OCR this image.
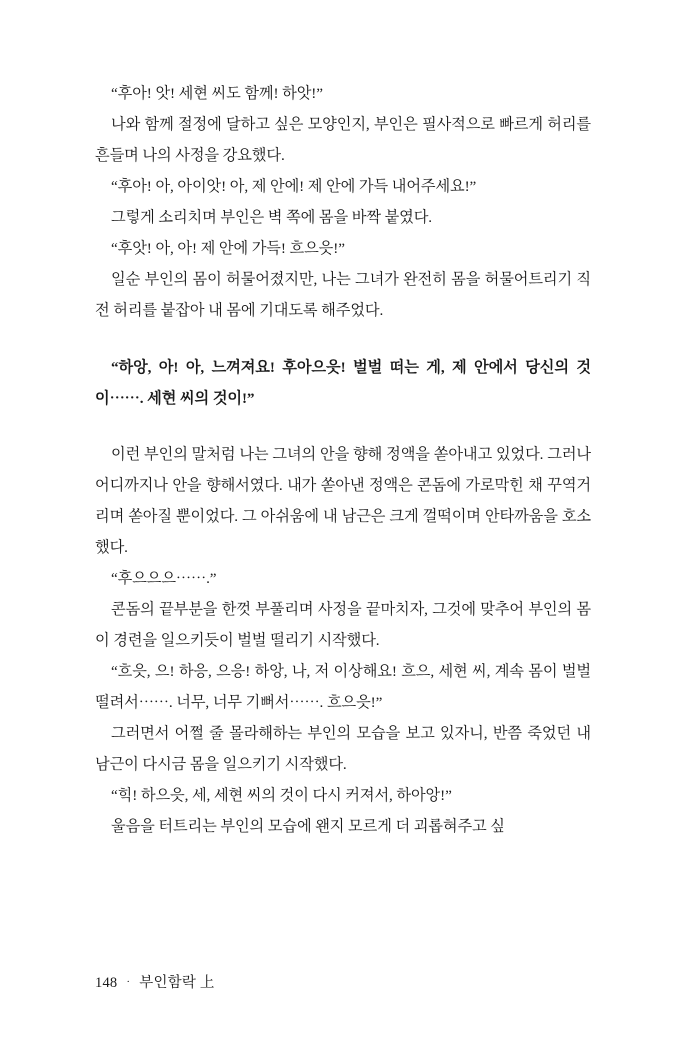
“후아! 앗! 세현 씨도 함께! 하앗!”

나와 함께 절정에 달하고 싶은 모양인지, 부인은 필사적으로 빠르게 허리를 흔들며 나의 사정을 강요했다.

“후아! 아, 아이앗! 아, 제 안에! 제 안에 가득 내어주세요!”

그렇게 소리치며 부인은 벽 쪽에 몸을 바짝 붙였다.

“후앗! 아, 아! 제 안에 가득! 흐으읏!”

일순 부인의 몸이 허물어졌지만, 나는 그녀가 완전히 몸을 허물어트리기 직전 허리를 붙잡아 내 몸에 기대도록 해주었다.

“하앙, 아! 아, 느껴져요! 후아으읏! 벌벌 떠는 게, 제 안에서 당신의 것이⋯⋯. 세현 씨의 것이!”

이런 부인의 말처럼 나는 그녀의 안을 향해 정액을 쏟아내고 있었다. 그러나 어디까지나 안을 향해서였다. 내가 쏟아낸 정액은 콘돔에 가로막힌 채 꾸역거리며 쏟아질 뿐이었다. 그 아쉬움에 내 남근은 크게 껄떡이며 안타까움을 호소했다.

“후으으으⋯⋯.”

콘돔의 끝부분을 한껏 부풀리며 사정을 끝마치자, 그것에 맞추어 부인의 몸이 경련을 일으키듯이 벌벌 떨리기 시작했다.

“흐읏, 으! 하응, 으응! 하앙, 나, 저 이상해요! 흐으, 세현 씨, 계속 몸이 벌벌 떨려서⋯⋯. 너무, 너무 기뻐서⋯⋯. 흐으읏!”

그러면서 어쩔 줄 몰라해하는 부인의 모습을 보고 있자니, 반쯤 죽었던 내 남근이 다시금 몸을 일으키기 시작했다.

“힉! 하으읏, 세, 세현 씨의 것이 다시 커져서, 하아앙!”

울음을 터트리는 부인의 모습에 왠지 모르게 더 괴롭혀주고 싶

148 · 부인함락 上
